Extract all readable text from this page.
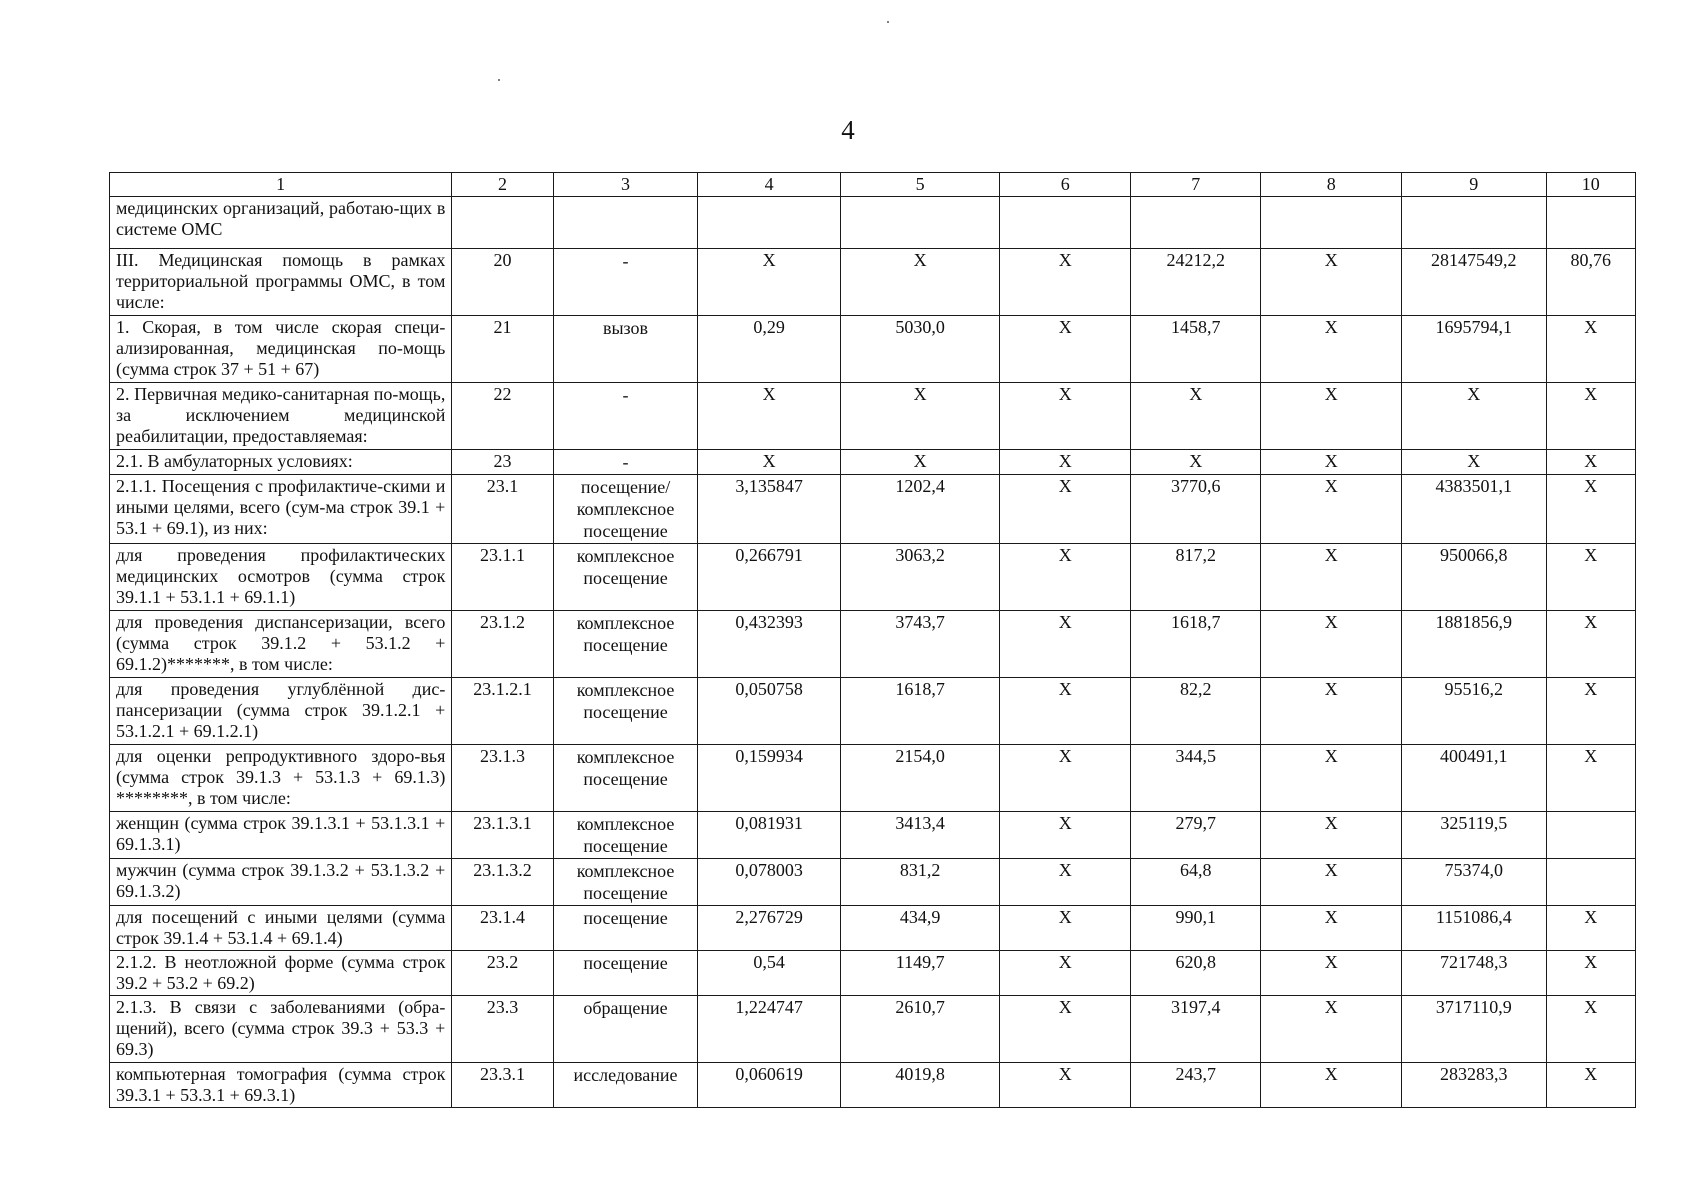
4
1	2	3	4	5	6	7	8	9	10
медицинских организаций, работаю-щих в системе ОМС									
III. Медицинская помощь в рамках территориальной программы ОМС, в том числе:	20	-	X	X	X	24212,2	X	28147549,2	80,76
1. Скорая, в том числе скорая специ-ализированная, медицинская по-мощь (сумма строк 37 + 51 + 67)	21	вызов	0,29	5030,0	X	1458,7	X	1695794,1	X
2. Первичная медико-санитарная по-мощь, за исключением медицинской реабилитации, предоставляемая:	22	-	X	X	X	X	X	X	X
2.1. В амбулаторных условиях:	23	-	X	X	X	X	X	X	X
2.1.1. Посещения с профилактиче-скими и иными целями, всего (сум-ма строк 39.1 + 53.1 + 69.1), из них:	23.1	посещение/ комплексное посещение	3,135847	1202,4	X	3770,6	X	4383501,1	X
для проведения профилактических медицинских осмотров (сумма строк 39.1.1 + 53.1.1 + 69.1.1)	23.1.1	комплексное посещение	0,266791	3063,2	X	817,2	X	950066,8	X
для проведения диспансеризации, всего (сумма строк 39.1.2 + 53.1.2 + 69.1.2)*******, в том числе:	23.1.2	комплексное посещение	0,432393	3743,7	X	1618,7	X	1881856,9	X
для проведения углублённой дис-пансеризации (сумма строк 39.1.2.1 + 53.1.2.1 + 69.1.2.1)	23.1.2.1	комплексное посещение	0,050758	1618,7	X	82,2	X	95516,2	X
для оценки репродуктивного здоро-вья (сумма строк 39.1.3 + 53.1.3 + 69.1.3) ********, в том числе:	23.1.3	комплексное посещение	0,159934	2154,0	X	344,5	X	400491,1	X
женщин (сумма строк 39.1.3.1 + 53.1.3.1 + 69.1.3.1)	23.1.3.1	комплексное посещение	0,081931	3413,4	X	279,7	X	325119,5	
мужчин (сумма строк 39.1.3.2 + 53.1.3.2 + 69.1.3.2)	23.1.3.2	комплексное посещение	0,078003	831,2	X	64,8	X	75374,0	
для посещений с иными целями (сумма строк 39.1.4 + 53.1.4 + 69.1.4)	23.1.4	посещение	2,276729	434,9	X	990,1	X	1151086,4	X
2.1.2. В неотложной форме (сумма строк 39.2 + 53.2 + 69.2)	23.2	посещение	0,54	1149,7	X	620,8	X	721748,3	X
2.1.3. В связи с заболеваниями (обра-щений), всего (сумма строк 39.3 + 53.3 + 69.3)	23.3	обращение	1,224747	2610,7	X	3197,4	X	3717110,9	X
компьютерная томография (сумма строк 39.3.1 + 53.3.1 + 69.3.1)	23.3.1	исследование	0,060619	4019,8	X	243,7	X	283283,3	X
